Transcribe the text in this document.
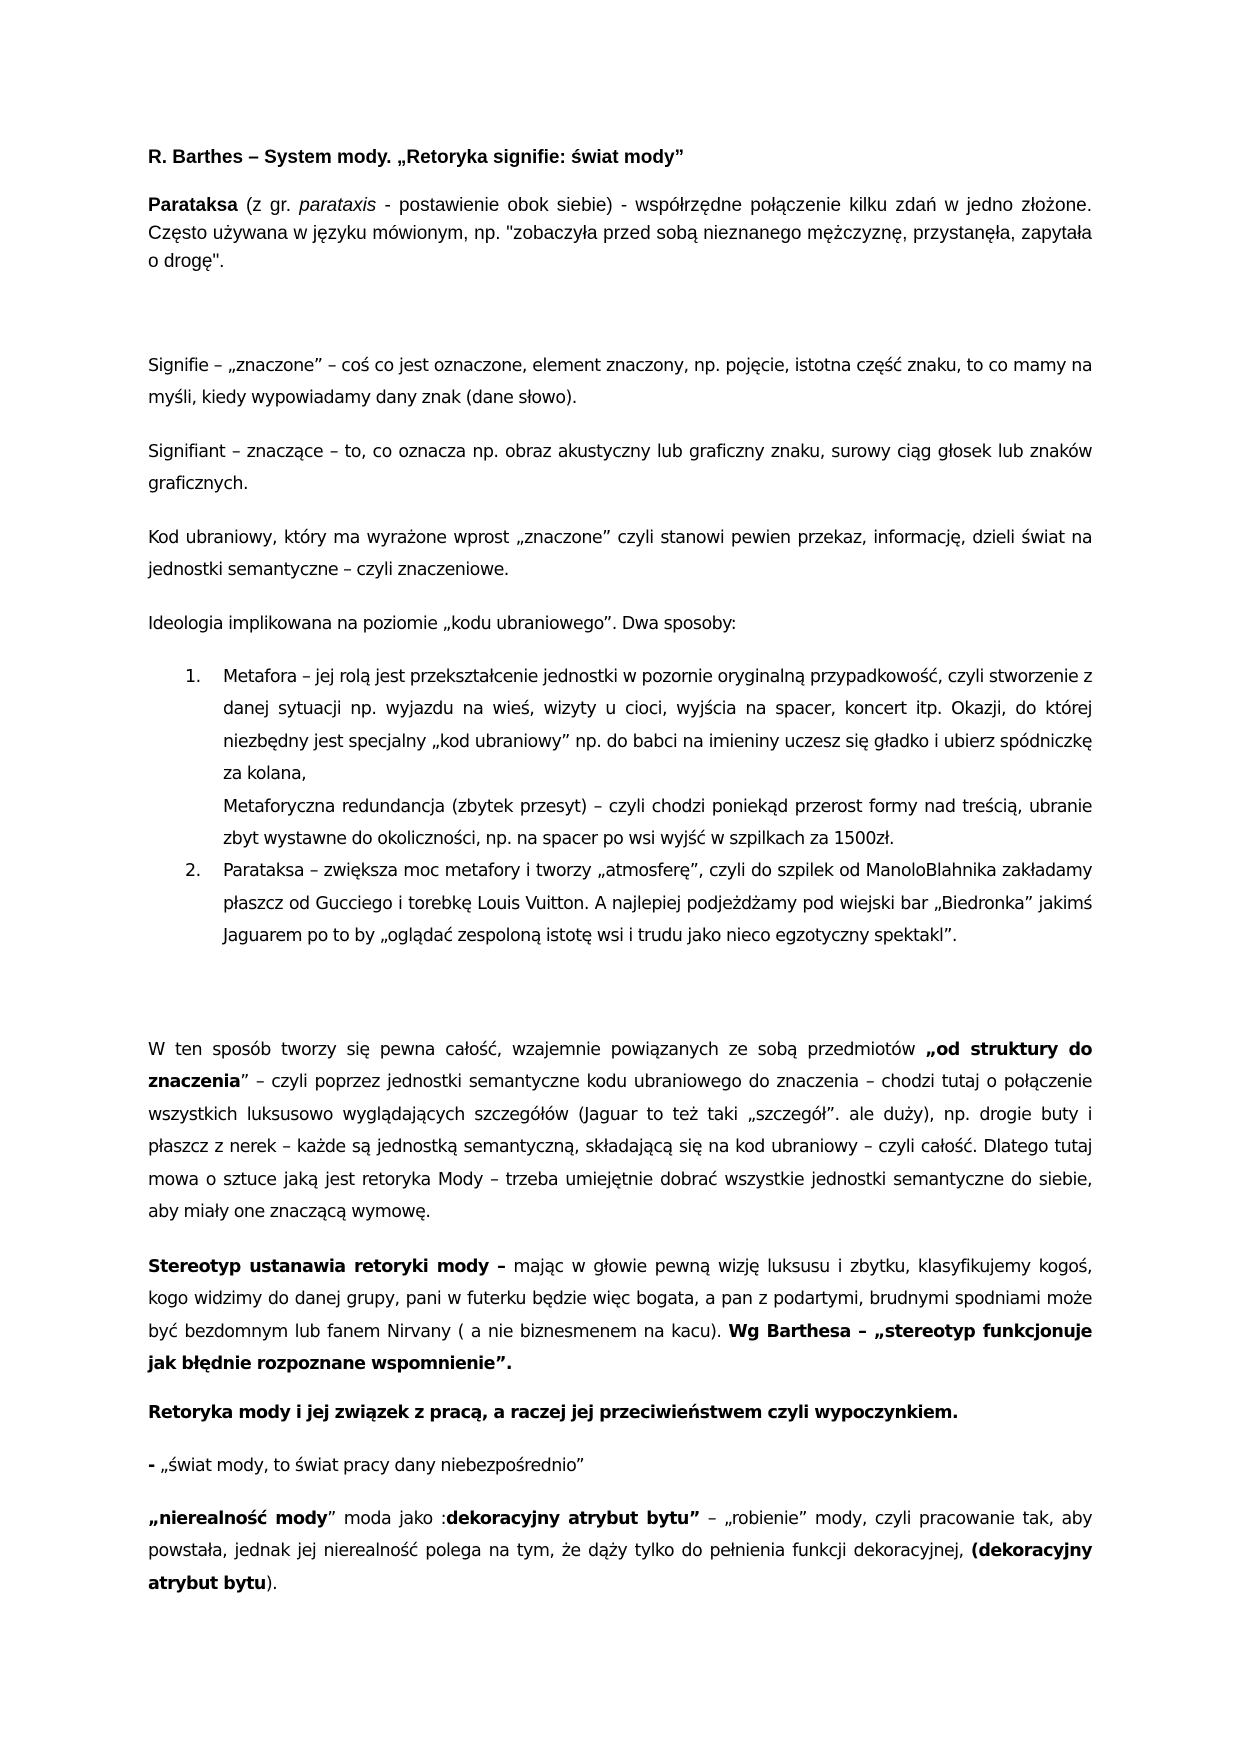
R. Barthes – System mody. „Retoryka signifie: świat mody”
Parataksa (z gr. parataxis - postawienie obok siebie) - współrzędne połączenie kilku zdań w jedno złożone. Często używana w języku mówionym, np. "zobaczyła przed sobą nieznanego mężczyznę, przystanęła, zapytała o drogę".
Signifie – „znaczone” – coś co jest oznaczone, element znaczony, np. pojęcie, istotna część znaku, to co mamy na myśli, kiedy wypowiadamy dany znak (dane słowo).
Signifiant – znaczące – to, co oznacza np. obraz akustyczny lub graficzny znaku, surowy ciąg głosek lub znaków graficznych.
Kod ubraniowy, który ma wyrażone wprost „znaczone” czyli stanowi pewien przekaz, informację, dzieli świat na jednostki semantyczne – czyli znaczeniowe.
Ideologia implikowana na poziomie „kodu ubraniowego”. Dwa sposoby:
1. Metafora – jej rolą jest przekształcenie jednostki w pozornie oryginalną przypadkowość, czyli stworzenie z danej sytuacji np. wyjazdu na wieś, wizyty u cioci, wyjścia na spacer, koncert itp. Okazji, do której niezbędny jest specjalny „kod ubraniowy” np. do babci na imieniny uczesz się gładko i ubierz spódniczkę za kolana,
Metaforyczna redundancja (zbytek przesyt) – czyli chodzi poniekąd przerost formy nad treścią, ubranie zbyt wystawne do okoliczności, np. na spacer po wsi wyjść w szpilkach za 1500zł.
2. Parataksa – zwiększa moc metafory i tworzy „atmosferę”, czyli do szpilek od ManoloBlahnika zakładamy płaszcz od Gucciego i torebkę Louis Vuitton. A najlepiej podjeżdżamy pod wiejski bar „Biedronka” jakimś Jaguarem po to by „oglądać zespoloną istotę wsi i trudu jako nieco egzotyczny spektakl”.
W ten sposób tworzy się pewna całość, wzajemnie powiązanych ze sobą przedmiotów „od struktury do znaczenia” – czyli poprzez jednostki semantyczne kodu ubraniowego do znaczenia – chodzi tutaj o połączenie wszystkich luksusowo wyglądających szczegółów (Jaguar to też taki „szczegół”. ale duży), np. drogie buty i płaszcz z nerek – każde są jednostką semantyczną, składającą się na kod ubraniowy – czyli całość. Dlatego tutaj mowa o sztuce jaką jest retoryka Mody – trzeba umiejętnie dobrać wszystkie jednostki semantyczne do siebie, aby miały one znaczącą wymowę.
Stereotyp ustanawia retoryki mody – mając w głowie pewną wizję luksusu i zbytku, klasyfikujemy kogoś, kogo widzimy do danej grupy, pani w futerku będzie więc bogata, a pan z podartymi, brudnymi spodniami może być bezdomnym lub fanem Nirvany ( a nie biznesmenem na kacu). Wg Barthesa – „stereotyp funkcjonuje jak błędnie rozpoznane wspomnienie”.
Retoryka mody i jej związek z pracą, a raczej jej przeciwieństwem czyli wypoczynkiem.
- „świat mody, to świat pracy dany niebezpośrednio”
„nierealność mody” moda jako :dekoracyjny atrybut bytu” – „robienie” mody, czyli pracowanie tak, aby powstała, jednak jej nierealność polega na tym, że dąży tylko do pełnienia funkcji dekoracyjnej, (dekoracyjny atrybut bytu).
